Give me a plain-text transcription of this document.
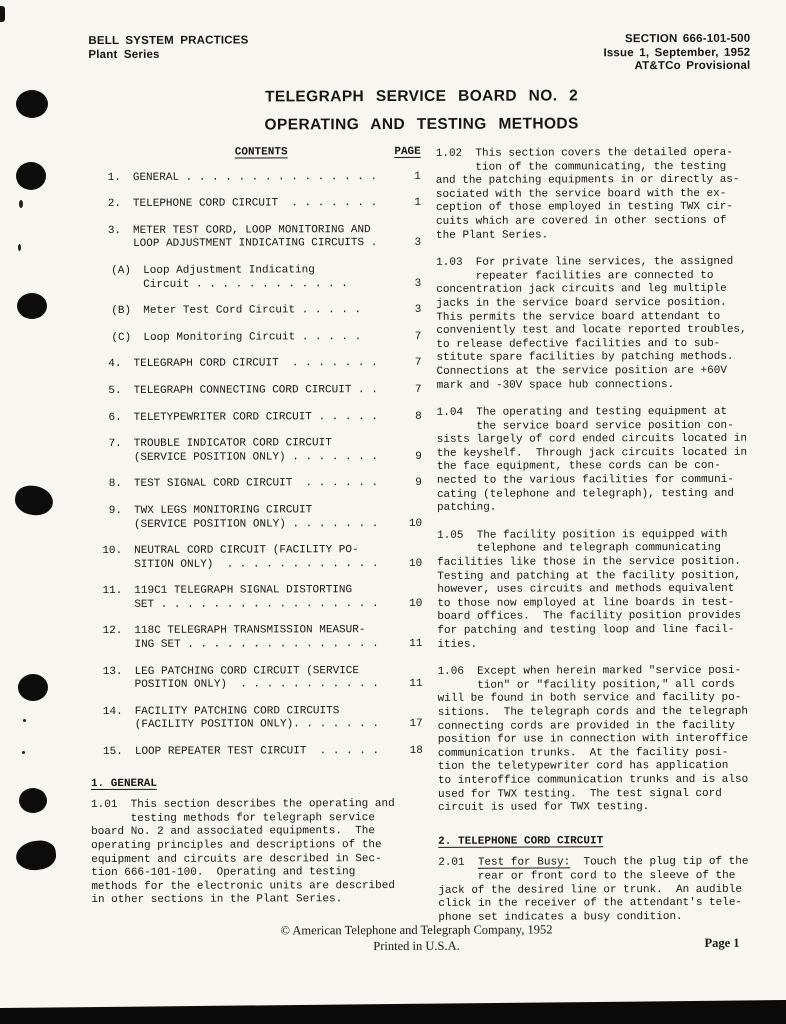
BELL SYSTEM PRACTICES
Plant Series
SECTION 666-101-500
Issue 1, September, 1952
AT&TCo Provisional
TELEGRAPH SERVICE BOARD NO. 2
OPERATING AND TESTING METHODS
CONTENTS	PAGE
1. GENERAL . . . . . . . . . . . . . . .	1
2. TELEPHONE CORD CIRCUIT  . . . . . . .	1
3. METER TEST CORD, LOOP MONITORING AND
LOOP ADJUSTMENT INDICATING CIRCUITS .	3
(A)	Loop Adjustment Indicating
Circuit . . . . . . . . . . . .	3
(B)	Meter Test Cord Circuit . . . . .	3
(C)	Loop Monitoring Circuit . . . . .	7
4. TELEGRAPH CORD CIRCUIT  . . . . . . .	7
5. TELEGRAPH CONNECTING CORD CIRCUIT . .	7
6. TELETYPEWRITER CORD CIRCUIT . . . . .	8
7. TROUBLE INDICATOR CORD CIRCUIT
(SERVICE POSITION ONLY) . . . . . . .	9
8. TEST SIGNAL CORD CIRCUIT  . . . . . .	9
9. TWX LEGS MONITORING CIRCUIT
(SERVICE POSITION ONLY) . . . . . . .	10
10. NEUTRAL CORD CIRCUIT (FACILITY PO-
SITION ONLY)  . . . . . . . . . . . .	10
11. 119C1 TELEGRAPH SIGNAL DISTORTING
SET . . . . . . . . . . . . . . . . .	10
12. 118C TELEGRAPH TRANSMISSION MEASUR-
ING SET . . . . . . . . . . . . . . .	11
13. LEG PATCHING CORD CIRCUIT (SERVICE
POSITION ONLY)  . . . . . . . . . . .	11
14. FACILITY PATCHING CORD CIRCUITS
(FACILITY POSITION ONLY). . . . . . .	17
15. LOOP REPEATER TEST CIRCUIT  . . . . .	18
1. GENERAL
1.01  This section describes the operating and
testing methods for telegraph service
board No. 2 and associated equipments.  The
operating principles and descriptions of the
equipment and circuits are described in Sec-
tion 666-101-100.  Operating and testing
methods for the electronic units are described
in other sections in the Plant Series.
1.02  This section covers the detailed opera-
tion of the communicating, the testing
and the patching equipments in or directly as-
sociated with the service board with the ex-
ception of those employed in testing TWX cir-
cuits which are covered in other sections of
the Plant Series.
1.03  For private line services, the assigned
repeater facilities are connected to
concentration jack circuits and leg multiple
jacks in the service board service position.
This permits the service board attendant to
conveniently test and locate reported troubles,
to release defective facilities and to sub-
stitute spare facilities by patching methods.
Connections at the service position are +60V
mark and -30V space hub connections.
1.04  The operating and testing equipment at
the service board service position con-
sists largely of cord ended circuits located in
the keyshelf.  Through jack circuits located in
the face equipment, these cords can be con-
nected to the various facilities for communi-
cating (telephone and telegraph), testing and
patching.
1.05  The facility position is equipped with
telephone and telegraph communicating
facilities like those in the service position.
Testing and patching at the facility position,
however, uses circuits and methods equivalent
to those now employed at line boards in test-
board offices.  The facility position provides
for patching and testing loop and line facil-
ities.
1.06  Except when herein marked "service posi-
tion" or "facility position," all cords
will be found in both service and facility po-
sitions.  The telegraph cords and the telegraph
connecting cords are provided in the facility
position for use in connection with interoffice
communication trunks.  At the facility posi-
tion the teletypewriter cord has application
to interoffice communication trunks and is also
used for TWX testing.  The test signal cord
circuit is used for TWX testing.
2. TELEPHONE CORD CIRCUIT
2.01  Test for Busy:  Touch the plug tip of the
rear or front cord to the sleeve of the
jack of the desired line or trunk.  An audible
click in the receiver of the attendant's tele-
phone set indicates a busy condition.
© American Telephone and Telegraph Company, 1952
Printed in U.S.A.	Page 1
